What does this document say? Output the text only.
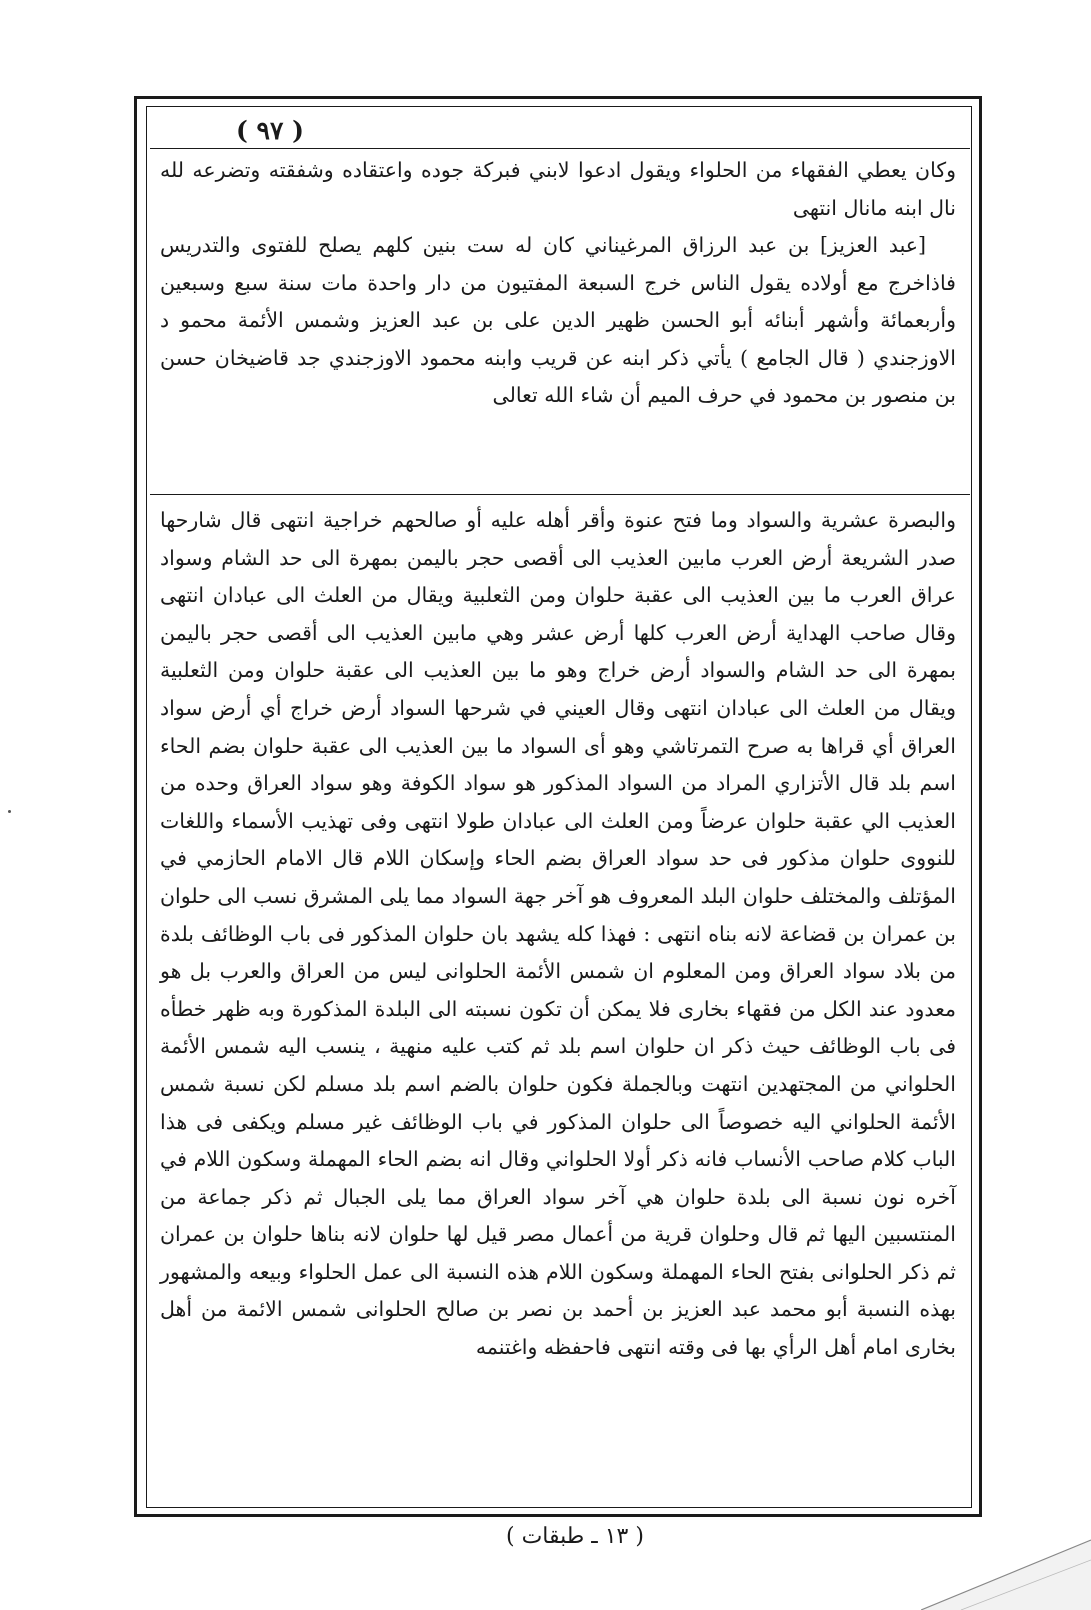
( ٩٧ )

وكان يعطي الفقهاء من الحلواء ويقول ادعوا لابني فبركة جوده واعتقاده وشفقته وتضرعه لله نال ابنه مانال انتهى

[عبد العزيز] بن عبد الرزاق المرغيناني كان له ست بنين كلهم يصلح للفتوى والتدريس فاذاخرج مع أولاده يقول الناس خرج السبعة المفتيون من دار واحدة مات سنة سبع وسبعين وأربعمائة وأشهر أبنائه أبو الحسن ظهير الدين على بن عبد العزيز وشمس الأئمة محمو د الاوزجندي ( قال الجامع ) يأتي ذكر ابنه عن قريب وابنه محمود الاوزجندي جد قاضيخان حسن بن منصور بن محمود في حرف الميم أن شاء الله تعالى

والبصرة عشرية والسواد وما فتح عنوة وأقر أهله عليه أو صالحهم خراجية انتهى قال شارحها صدر الشريعة أرض العرب مابين العذيب الى أقصى حجر باليمن بمهرة الى حد الشام وسواد عراق العرب ما بين العذيب الى عقبة حلوان ومن الثعلبية ويقال من العلث الى عبادان انتهى وقال صاحب الهداية أرض العرب كلها أرض عشر وهي مابين العذيب الى أقصى حجر باليمن بمهرة الى حد الشام والسواد أرض خراج وهو ما بين العذيب الى عقبة حلوان ومن الثعلبية ويقال من العلث الى عبادان انتهى وقال العيني في شرحها السواد أرض خراج أي أرض سواد العراق أي قراها به صرح التمرتاشي وهو أى السواد ما بين العذيب الى عقبة حلوان بضم الحاء اسم بلد قال الأتزاري المراد من السواد المذكور هو سواد الكوفة وهو سواد العراق وحده من العذيب الي عقبة حلوان عرضاً ومن العلث الى عبادان طولا انتهى وفى تهذيب الأسماء واللغات للنووى حلوان مذكور فى حد سواد العراق بضم الحاء وإسكان اللام قال الامام الحازمي في المؤتلف والمختلف حلوان البلد المعروف هو آخر جهة السواد مما يلى المشرق نسب الى حلوان بن عمران بن قضاعة لانه بناه انتهى : فهذا كله يشهد بان حلوان المذكور فى باب الوظائف بلدة من بلاد سواد العراق ومن المعلوم ان شمس الأئمة الحلوانى ليس من العراق والعرب بل هو معدود عند الكل من فقهاء بخارى فلا يمكن أن تكون نسبته الى البلدة المذكورة وبه ظهر خطأه فى باب الوظائف حيث ذكر ان حلوان اسم بلد ثم كتب عليه منهية ، ينسب اليه شمس الأئمة الحلواني من المجتهدين انتهت وبالجملة فكون حلوان بالضم اسم بلد مسلم لكن نسبة شمس الأئمة الحلواني اليه خصوصاً الى حلوان المذكور في باب الوظائف غير مسلم ويكفى فى هذا الباب كلام صاحب الأنساب فانه ذكر أولا الحلواني وقال انه بضم الحاء المهملة وسكون اللام في آخره نون نسبة الى بلدة حلوان هي آخر سواد العراق مما يلى الجبال ثم ذكر جماعة من المنتسبين اليها ثم قال وحلوان قرية من أعمال مصر قيل لها حلوان لانه بناها حلوان بن عمران ثم ذكر الحلوانى بفتح الحاء المهملة وسكون اللام هذه النسبة الى عمل الحلواء وبيعه والمشهور بهذه النسبة أبو محمد عبد العزيز بن أحمد بن نصر بن صالح الحلوانى شمس الائمة من أهل بخارى امام أهل الرأي بها فى وقته انتهى فاحفظه واغتنمه

( ١٣ ـ طبقات )
